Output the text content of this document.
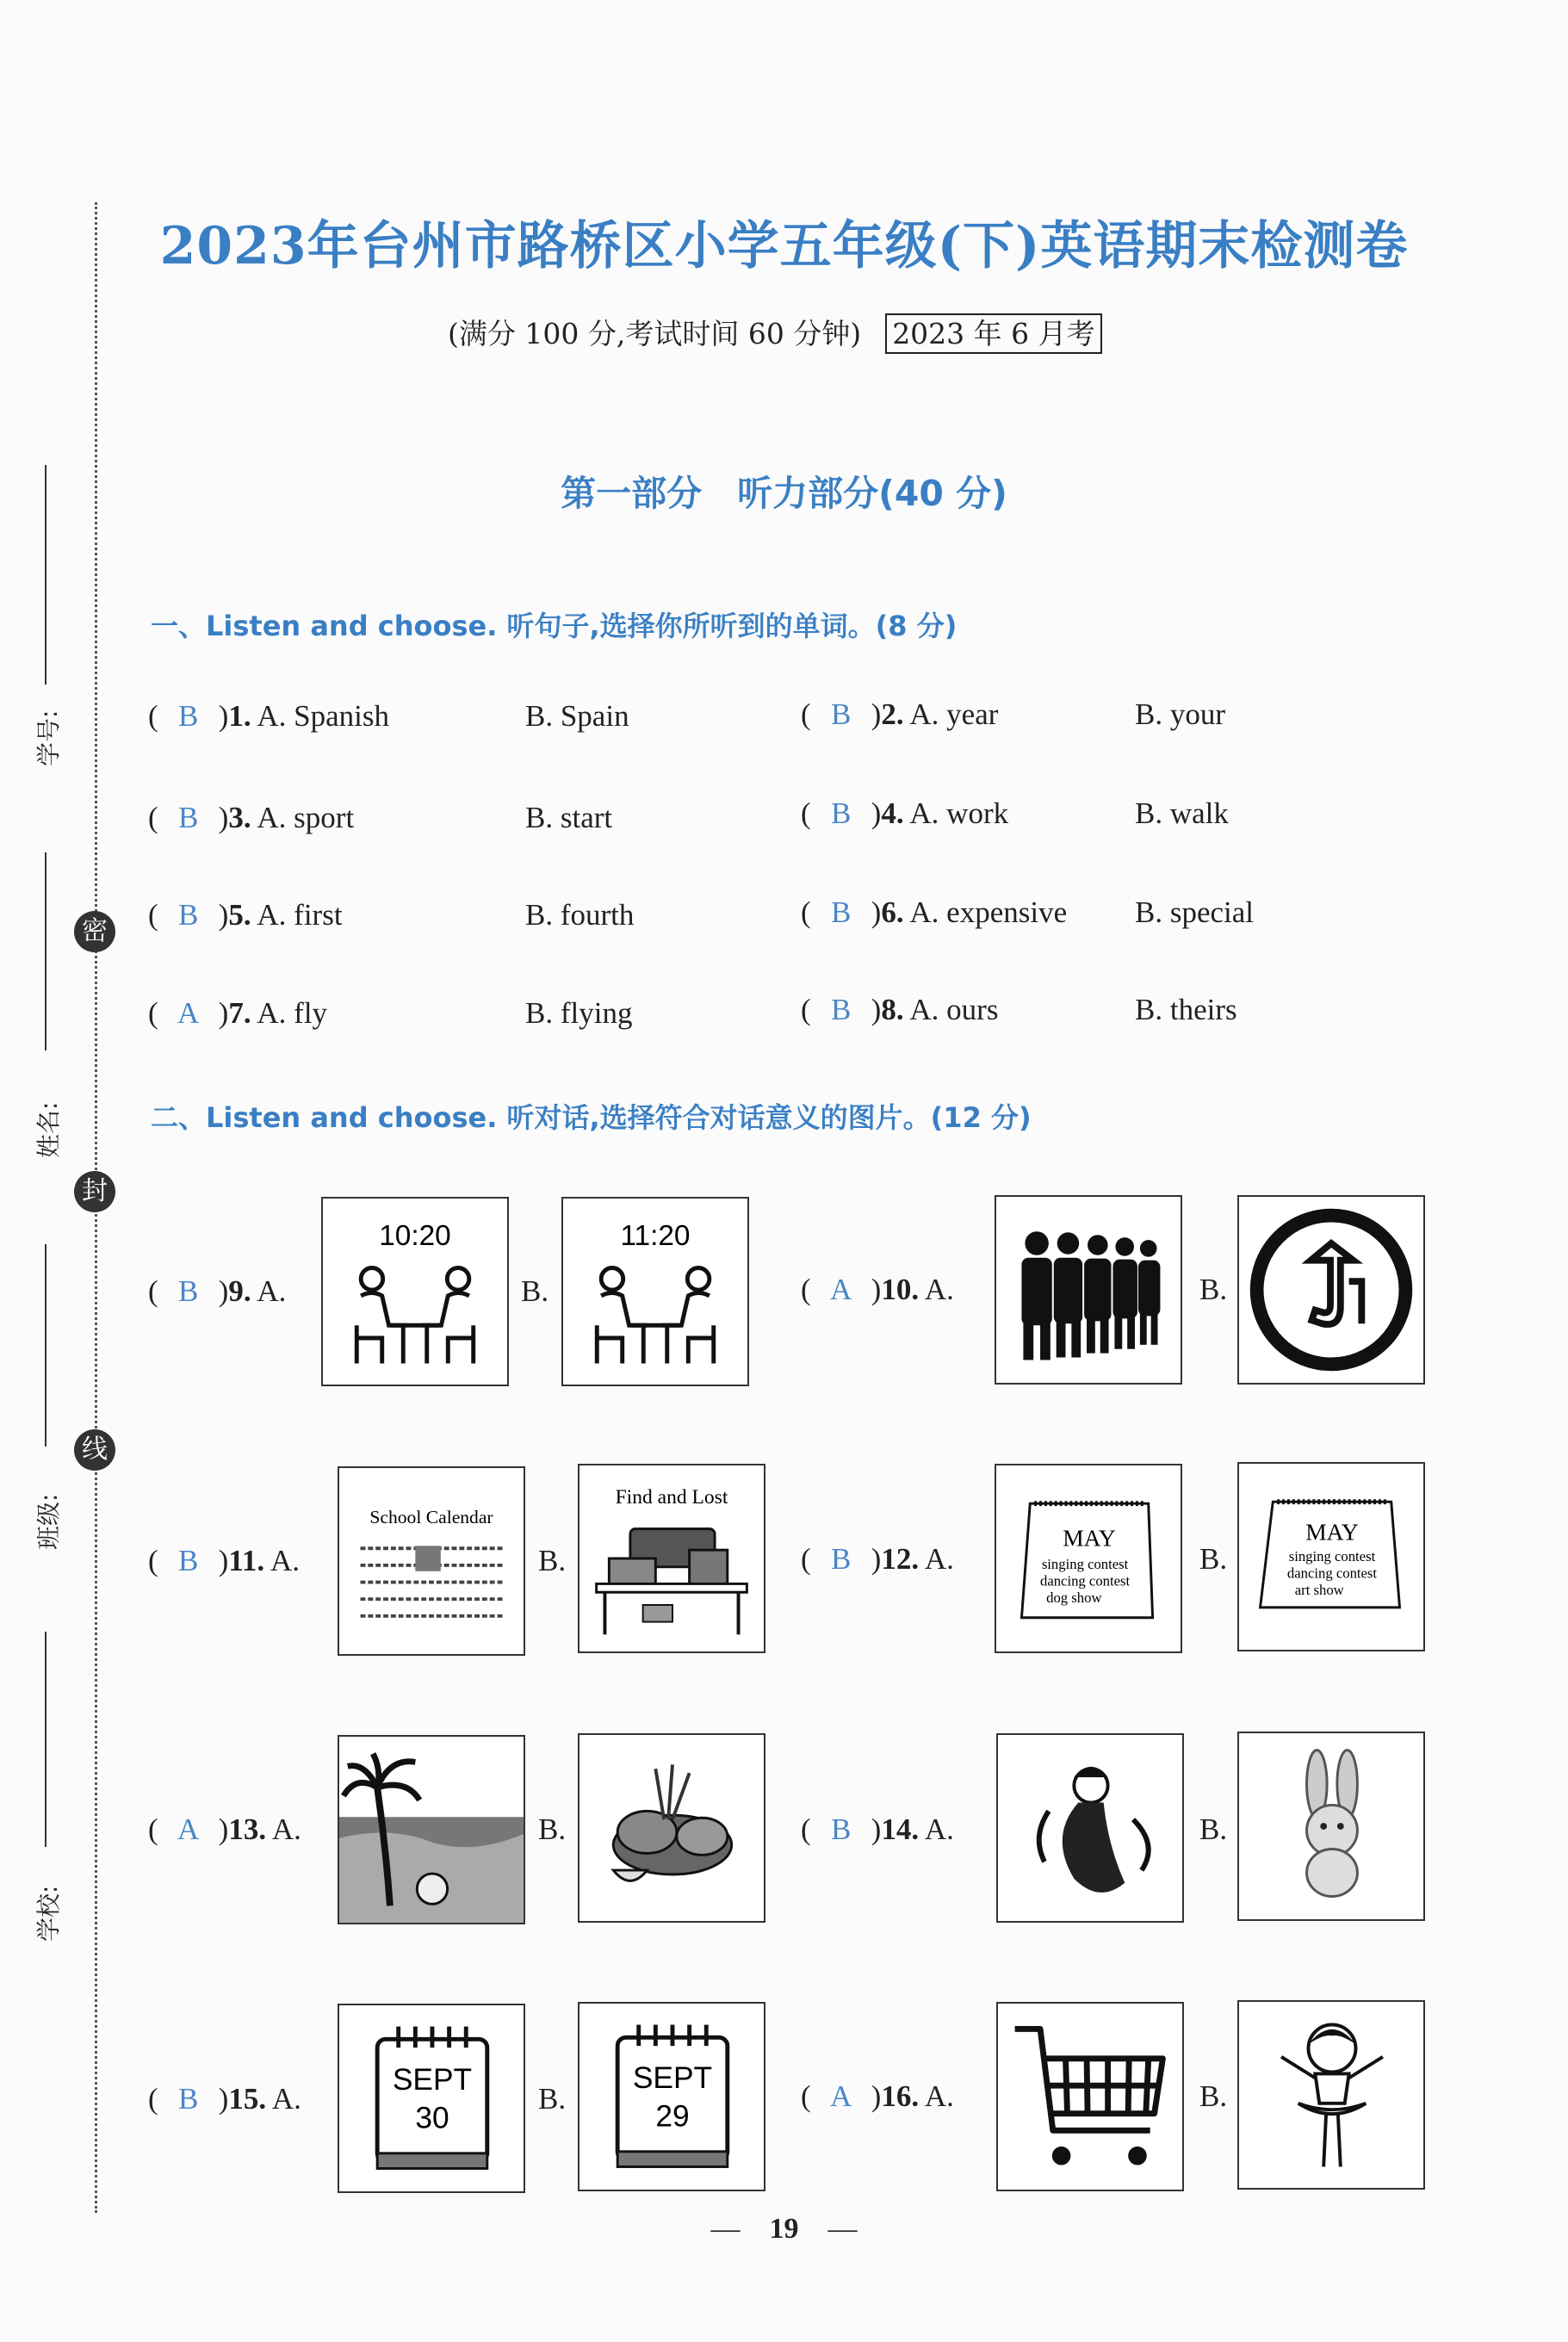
2023年台州市路桥区小学五年级(下)英语期末检测卷
(满分 100 分,考试时间 60 分钟) 2023 年 6 月考
第一部分　听力部分(40 分)
学号:
姓名:
班级:
学校:
密
封
线
一、Listen and choose. 听句子,选择你所听到的单词。(8 分)
( B )1. A. Spanish	B. Spain	( B )2. A. year	B. your
( B )3. A. sport	B. start	( B )4. A. work	B. walk
( B )5. A. first	B. fourth	( B )6. A. expensive B. special
( A )7. A. fly	B. flying	( B )8. A. ours	B. theirs
二、Listen and choose. 听对话,选择符合对话意义的图片。(12 分)
( B )9. A.
10:20
B.
11:20
( A )10. A.	B.
( B )11. A.
School Calendar
B.
Find and Lost
( B )12. A.
MAY
singing contest
dancing contest
dog show
B.
MAY
singing contest
dancing contest
art show
( A )13. A.	B.	( B )14. A.	B.
( B )15. A.
SEPT
30
B.
SEPT
29
( A )16. A.	B.
—　19　—
